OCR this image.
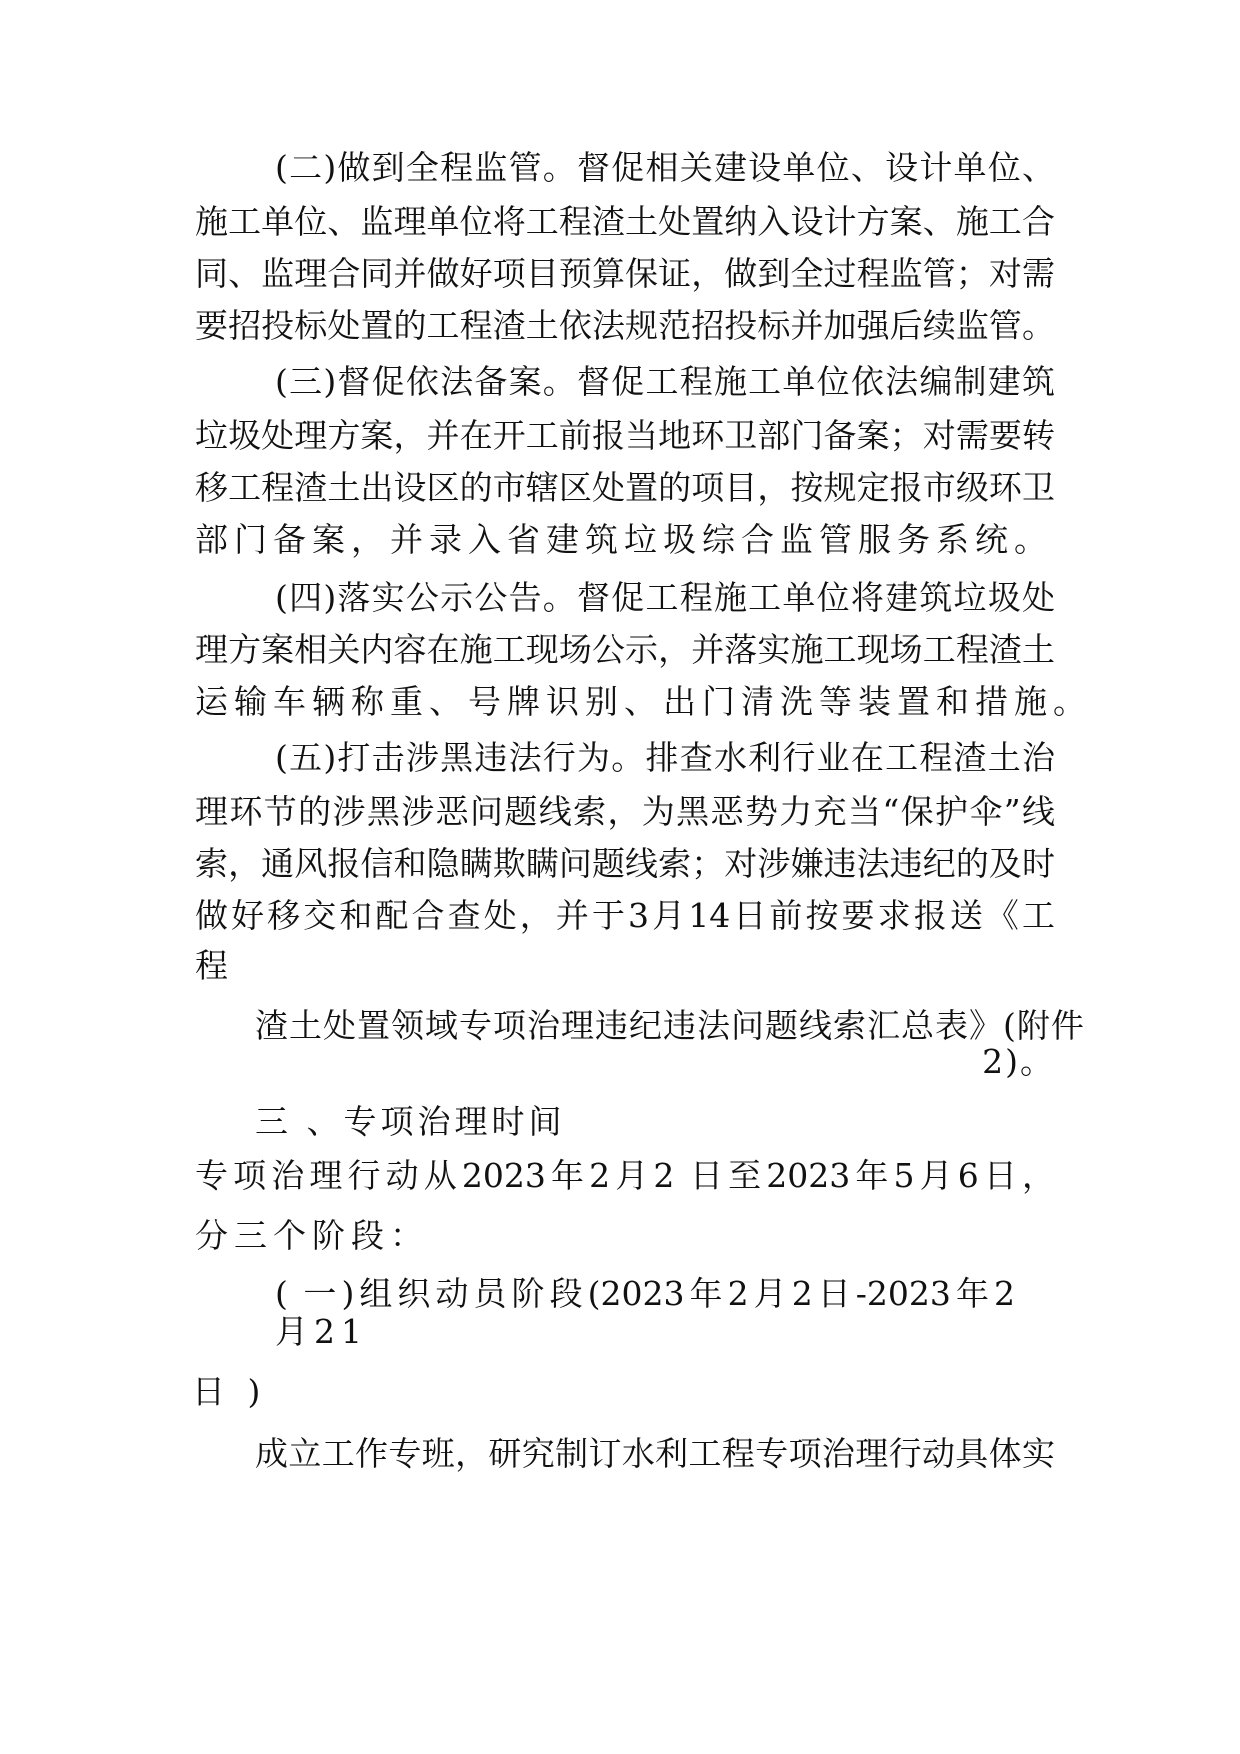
(二)做到全程监管。督促相关建设单位、设计单位、
施工单位、监理单位将工程渣土处置纳入设计方案、施工合
同、监理合同并做好项目预算保证，做到全过程监管；对需
要招投标处置的工程渣土依法规范招投标并加强后续监管。
(三)督促依法备案。督促工程施工单位依法编制建筑
垃圾处理方案，并在开工前报当地环卫部门备案；对需要转
移工程渣土出设区的市辖区处置的项目，按规定报市级环卫
部门备案，并录入省建筑垃圾综合监管服务系统。
(四)落实公示公告。督促工程施工单位将建筑垃圾处
理方案相关内容在施工现场公示，并落实施工现场工程渣土
运输车辆称重、号牌识别、出门清洗等装置和措施。
(五)打击涉黑违法行为。排查水利行业在工程渣土治
理环节的涉黑涉恶问题线索，为黑恶势力充当“保护伞”线
索，通风报信和隐瞒欺瞒问题线索；对涉嫌违法违纪的及时
做好移交和配合查处，并于3月14日前按要求报送《工
程
渣土处置领域专项治理违纪违法问题线索汇总表》(附件
2)。
三 、专项治理时间
专项治理行动从2023年2月2 日至2023年5月6日，
分三个阶段：
( 一)组织动员阶段(2023年2月2日-2023年2
月21
日 )
成立工作专班，研究制订水利工程专项治理行动具体实
